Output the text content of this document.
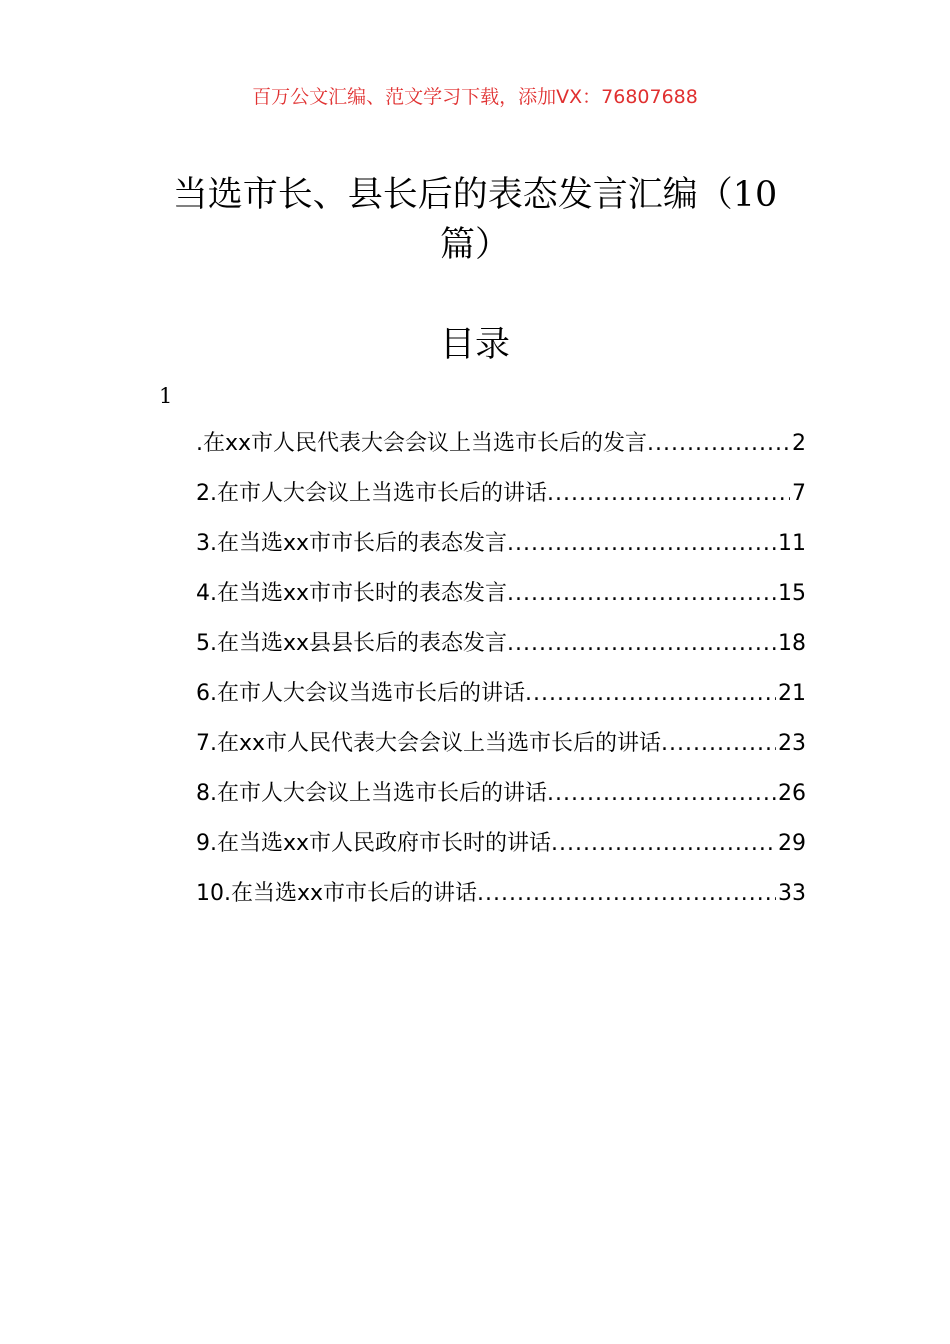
百万公文汇编、范文学习下载，添加VX：76807688
当选市长、县长后的表态发言汇编（10
篇）
目录
1
.在xx市人民代表大会会议上当选市长后的发言 .....	2
2.在市人大会议上当选市长后的讲话 .....	7
3.在当选xx市市长后的表态发言 .....	11
4.在当选xx市市长时的表态发言 .....	15
5.在当选xx县县长后的表态发言 .....	18
6.在市人大会议当选市长后的讲话 .....	21
7.在xx市人民代表大会会议上当选市长后的讲话 .....	23
8.在市人大会议上当选市长后的讲话 .....	26
9.在当选xx市人民政府市长时的讲话 .....	29
10.在当选xx市市长后的讲话 .....	33
